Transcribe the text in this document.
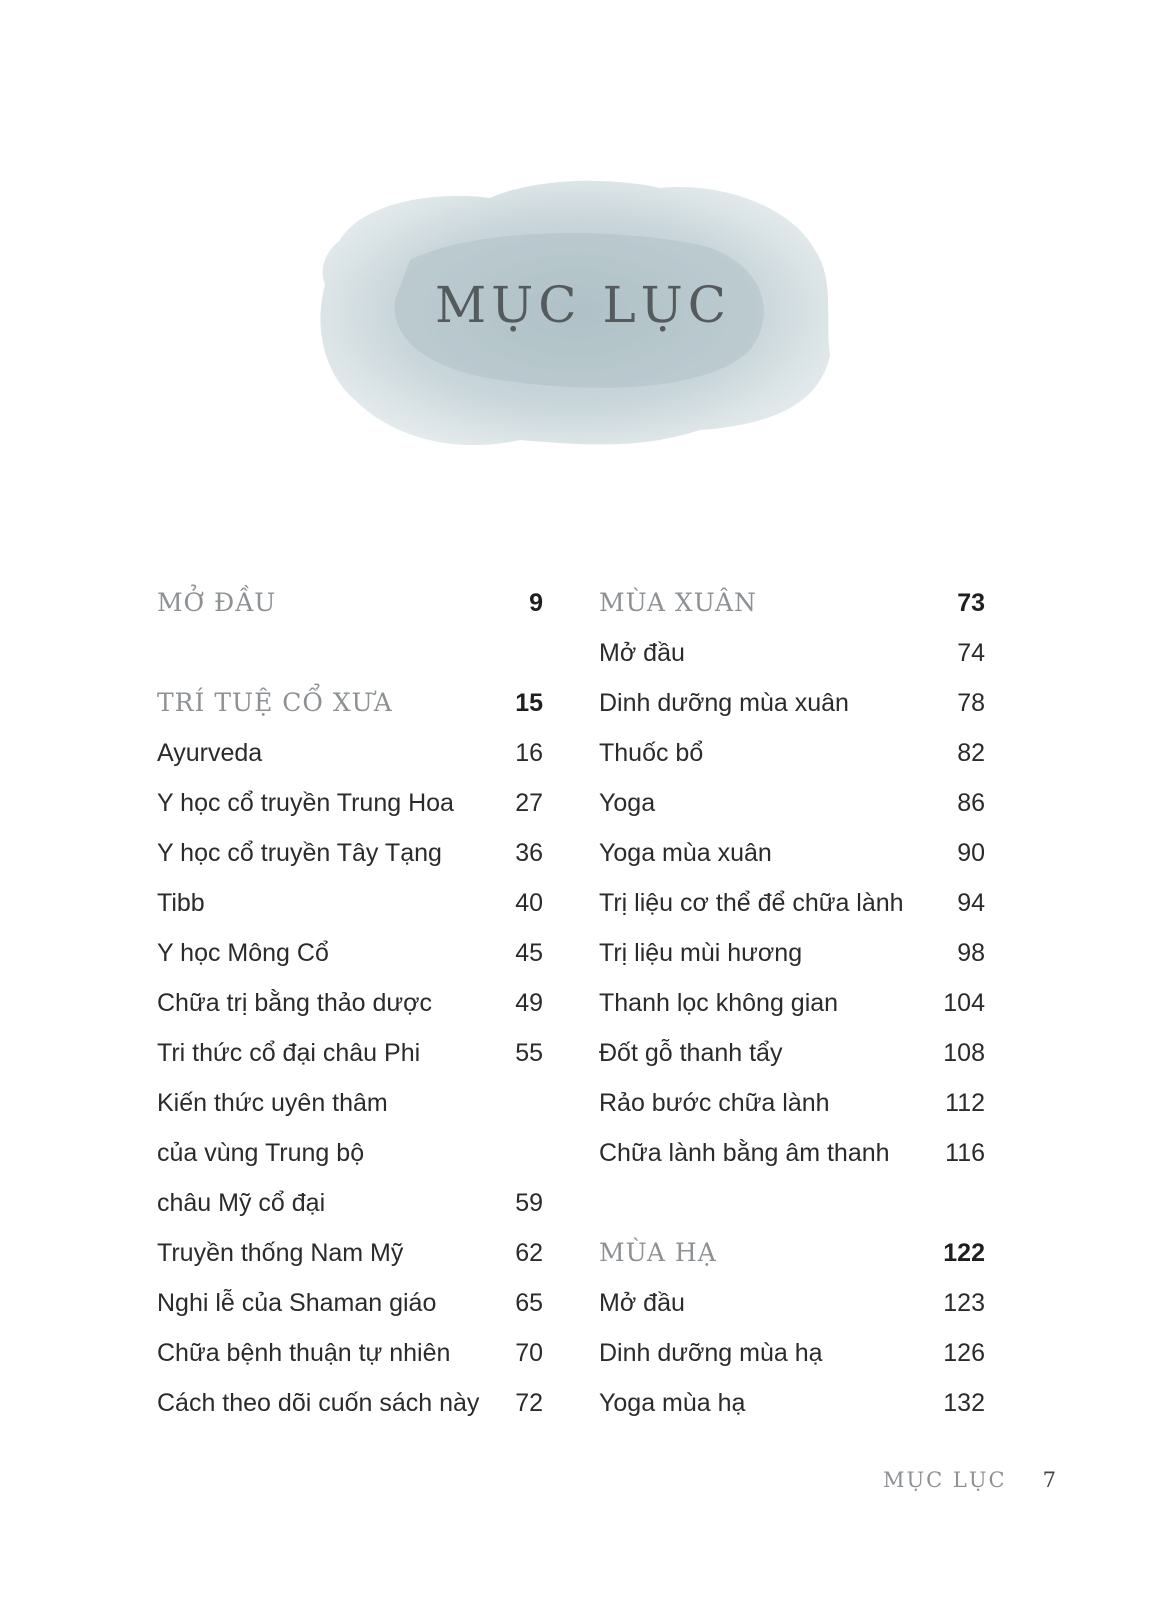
MỤC LỤC
MỞ ĐẦU	9
TRÍ TUỆ CỔ XƯA	15
Ayurveda	16
Y học cổ truyền Trung Hoa 27
Y học cổ truyền Tây Tạng	36
Tibb	40
Y học Mông Cổ	45
Chữa trị bằng thảo dược	49
Tri thức cổ đại châu Phi	55
Kiến thức uyên thâm
của vùng Trung bộ
châu Mỹ cổ đại	59
Truyền thống Nam Mỹ	62
Nghi lễ của Shaman giáo	65
Chữa bệnh thuận tự nhiên	70
Cách theo dõi cuốn sách này 72
MÙA XUÂN	73
Mở đầu	74
Dinh dưỡng mùa xuân	78
Thuốc bổ	82
Yoga	86
Yoga mùa xuân	90
Trị liệu cơ thể để chữa lành 94
Trị liệu mùi hương	98
Thanh lọc không gian	104
Đốt gỗ thanh tẩy	108
Rảo bước chữa lành	112
Chữa lành bằng âm thanh 116
MÙA HẠ	122
Mở đầu	123
Dinh dưỡng mùa hạ	126
Yoga mùa hạ	132
MỤC LỤC 7
